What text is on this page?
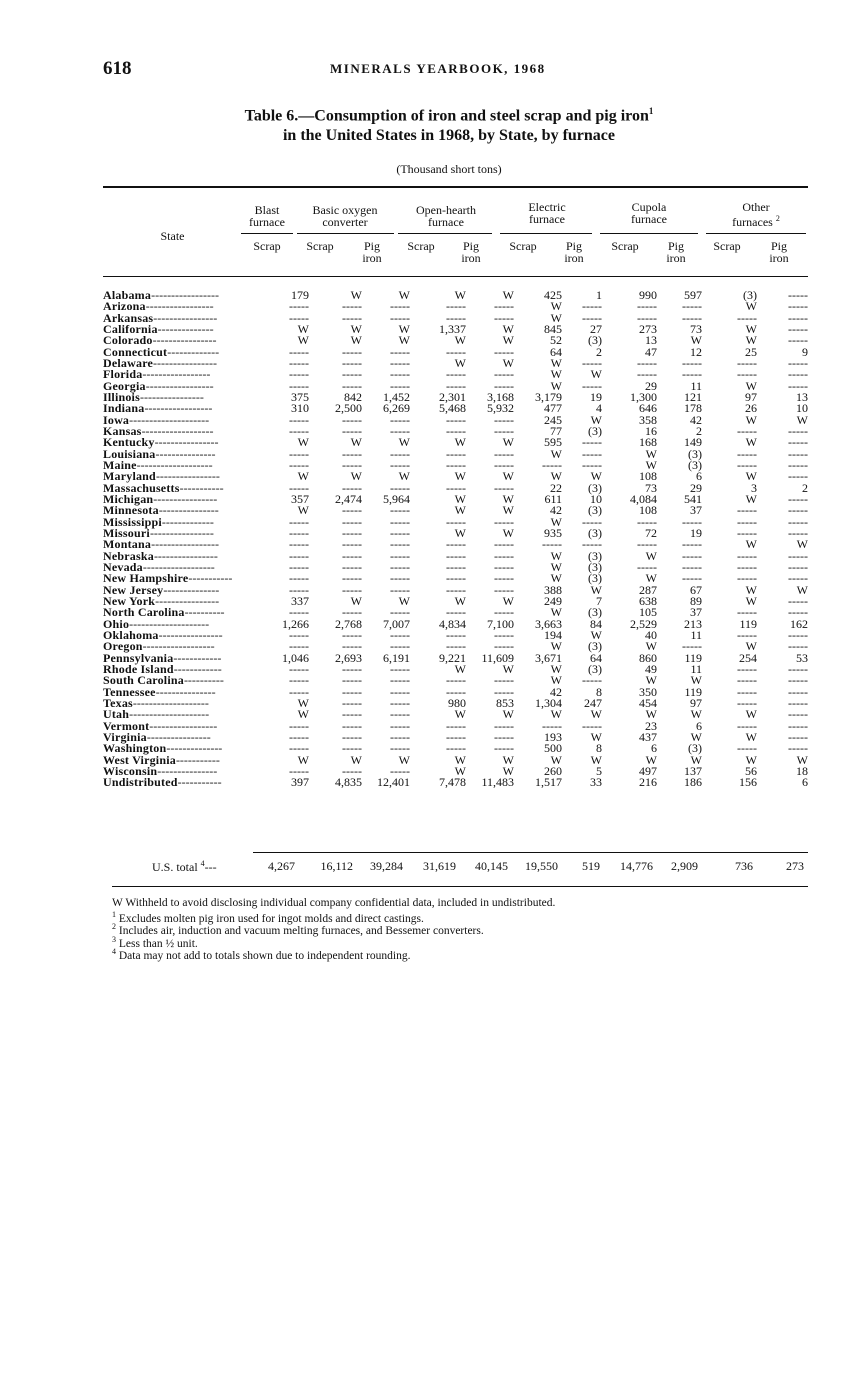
618	MINERALS YEARBOOK, 1968
Table 6.—Consumption of iron and steel scrap and pig iron$^1$
in the United States in 1968, by State, by furnace
(Thousand short tons)
State
Blast
furnace
Basic oxygen
converter
Open-hearth
furnace
Electric
furnace
Cupola
furnace
Other
furnaces $^2$
Scrap	Scrap	Pig
iron
Scrap	Pig
iron
Scrap	Pig
iron
Scrap	Pig
iron
Scrap	Pig
iron
Alabama-----------------	179	W	W	W	W	425	1	990	597	(3)	-----
Arizona-----------------	-----	-----	-----	-----	-----	W	-----	-----	-----	W	-----
Arkansas----------------	-----	-----	-----	-----	-----	W	-----	-----	-----	-----	-----
California--------------	W	W	W	1,337	W	845	27	273	73	W	-----
Colorado----------------	W	W	W	W	W	52	(3)	13	W	W	-----
Connecticut-------------	-----	-----	-----	-----	-----	64	2	47	12	25	9
Delaware----------------	-----	-----	-----	W	W	W	-----	-----	-----	-----	-----
Florida-----------------	-----	-----	-----	-----	-----	W	W	-----	-----	-----	-----
Georgia-----------------	-----	-----	-----	-----	-----	W	-----	29	11	W	-----
Illinois----------------	375	842	1,452	2,301	3,168	3,179	19	1,300	121	97	13
Indiana-----------------	310	2,500	6,269	5,468	5,932	477	4	646	178	26	10
Iowa--------------------	-----	-----	-----	-----	-----	245	W	358	42	W	W
Kansas------------------	-----	-----	-----	-----	-----	77	(3)	16	2	-----	-----
Kentucky----------------	W	W	W	W	W	595	-----	168	149	W	-----
Louisiana---------------	-----	-----	-----	-----	-----	W	-----	W	(3)	-----	-----
Maine-------------------	-----	-----	-----	-----	-----	-----	-----	W	(3)	-----	-----
Maryland----------------	W	W	W	W	W	W	W	108	6	W	-----
Massachusetts-----------	-----	-----	-----	-----	-----	22	(3)	73	29	3	2
Michigan----------------	357	2,474	5,964	W	W	611	10	4,084	541	W	-----
Minnesota---------------	W	-----	-----	W	W	42	(3)	108	37	-----	-----
Mississippi-------------	-----	-----	-----	-----	-----	W	-----	-----	-----	-----	-----
Missouri----------------	-----	-----	-----	W	W	935	(3)	72	19	-----	-----
Montana-----------------	-----	-----	-----	-----	-----	-----	-----	-----	-----	W	W
Nebraska----------------	-----	-----	-----	-----	-----	W	(3)	W	-----	-----	-----
Nevada------------------	-----	-----	-----	-----	-----	W	(3)	-----	-----	-----	-----
New Hampshire-----------	-----	-----	-----	-----	-----	W	(3)	W	-----	-----	-----
New Jersey--------------	-----	-----	-----	-----	-----	388	W	287	67	W	W
New York----------------	337	W	W	W	W	249	7	638	89	W	-----
North Carolina----------	-----	-----	-----	-----	-----	W	(3)	105	37	-----	-----
Ohio--------------------	1,266	2,768	7,007	4,834	7,100	3,663	84	2,529	213	119	162
Oklahoma----------------	-----	-----	-----	-----	-----	194	W	40	11	-----	-----
Oregon------------------	-----	-----	-----	-----	-----	W	(3)	W	-----	W	-----
Pennsylvania------------	1,046	2,693	6,191	9,221	11,609	3,671	64	860	119	254	53
Rhode Island------------	-----	-----	-----	W	W	W	(3)	49	11	-----	-----
South Carolina----------	-----	-----	-----	-----	-----	W	-----	W	W	-----	-----
Tennessee---------------	-----	-----	-----	-----	-----	42	8	350	119	-----	-----
Texas-------------------	W	-----	-----	980	853	1,304	247	454	97	-----	-----
Utah--------------------	W	-----	-----	W	W	W	W	W	W	W	-----
Vermont-----------------	-----	-----	-----	-----	-----	-----	-----	23	6	-----	-----
Virginia----------------	-----	-----	-----	-----	-----	193	W	437	W	W	-----
Washington--------------	-----	-----	-----	-----	-----	500	8	6	(3)	-----	-----
West Virginia-----------	W	W	W	W	W	W	W	W	W	W	W
Wisconsin---------------	-----	-----	-----	W	W	260	5	497	137	56	18
Undistributed-----------	397	4,835	12,401	7,478	11,483	1,517	33	216	186	156	6
U.S. total $^4$---	4,267 16,112 39,284 31,619 40,145 19,550 519 14,776 2,909	736	273
W Withheld to avoid disclosing individual company confidential data, included in undistributed.
$^1$ Excludes molten pig iron used for ingot molds and direct castings.
$^2$ Includes air, induction and vacuum melting furnaces, and Bessemer converters.
$^3$ Less than ½ unit.
$^4$ Data may not add to totals shown due to independent rounding.
